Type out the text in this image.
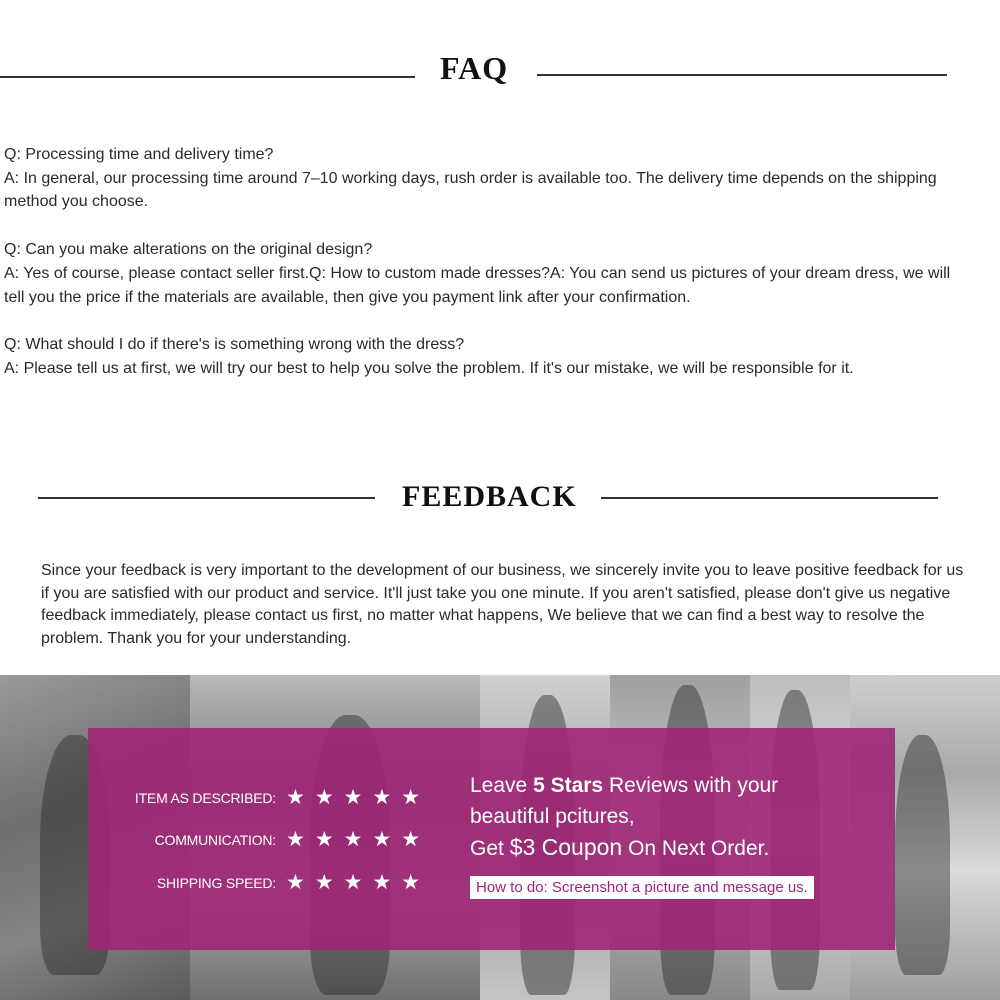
FAQ

Q: Processing time and delivery time?

A: In general, our processing time around 7–10 working days, rush order is available too. The delivery time depends on the shipping method you choose.

Q: Can you make alterations on the original design?

A: Yes of course, please contact seller first.Q: How to custom made dresses?A: You can send us pictures of your dream dress, we will tell you the price if the materials are available, then give you payment link after your confirmation.

Q: What should I do if there's is something wrong with the dress?

A: Please tell us at first, we will try our best to help you solve the problem. If it's our mistake, we will be responsible for it.

FEEDBACK

Since your feedback is very important to the development of our business, we sincerely invite you to leave positive feedback for us if you are satisfied with our product and service. It'll just take you one minute. If you aren't satisfied, please don't give us negative feedback immediately, please contact us first, no matter what happens, We believe that we can find a best way to resolve the problem. Thank you for your understanding.

ITEM AS DESCRIBED: ★★★★★
COMMUNICATION: ★★★★★
SHIPPING SPEED: ★★★★★
Leave 5 Stars Reviews with your
beautiful pcitures,
Get $3 Coupon On Next Order.
How to do: Screenshot a picture and message us.
